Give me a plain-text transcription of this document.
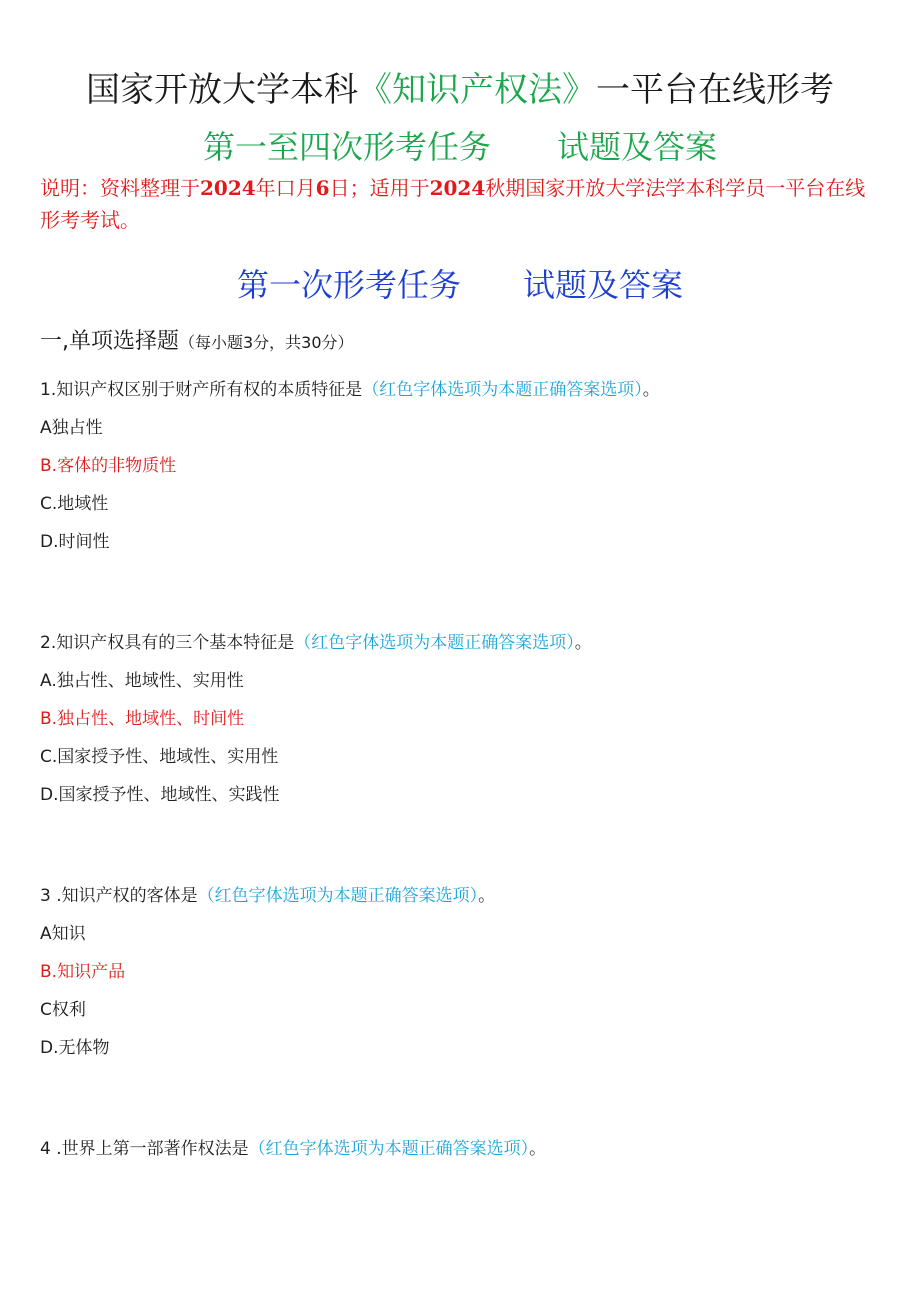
国家开放大学本科《知识产权法》一平台在线形考
第一至四次形考任务 试题及答案
说明：资料整理于2024年口月6日；适用于2024秋期国家开放大学法学本科学员一平台在线形考考试。
第一次形考任务 试题及答案
一,单项选择题（每小题3分，共30分）
1.知识产权区别于财产所有权的本质特征是（红色字体选项为本题正确答案选项）。
A独占性
B.客体的非物质性
C.地域性
D.时间性
2.知识产权具有的三个基本特征是（红色字体选项为本题正确答案选项）。
A.独占性、地域性、实用性
B.独占性、地域性、时间性
C.国家授予性、地域性、实用性
D.国家授予性、地域性、实践性
3 .知识产权的客体是（红色字体选项为本题正确答案选项）。
A知识
B.知识产品
C权利
D.无体物
4 .世界上第一部著作权法是（红色字体选项为本题正确答案选项）。
